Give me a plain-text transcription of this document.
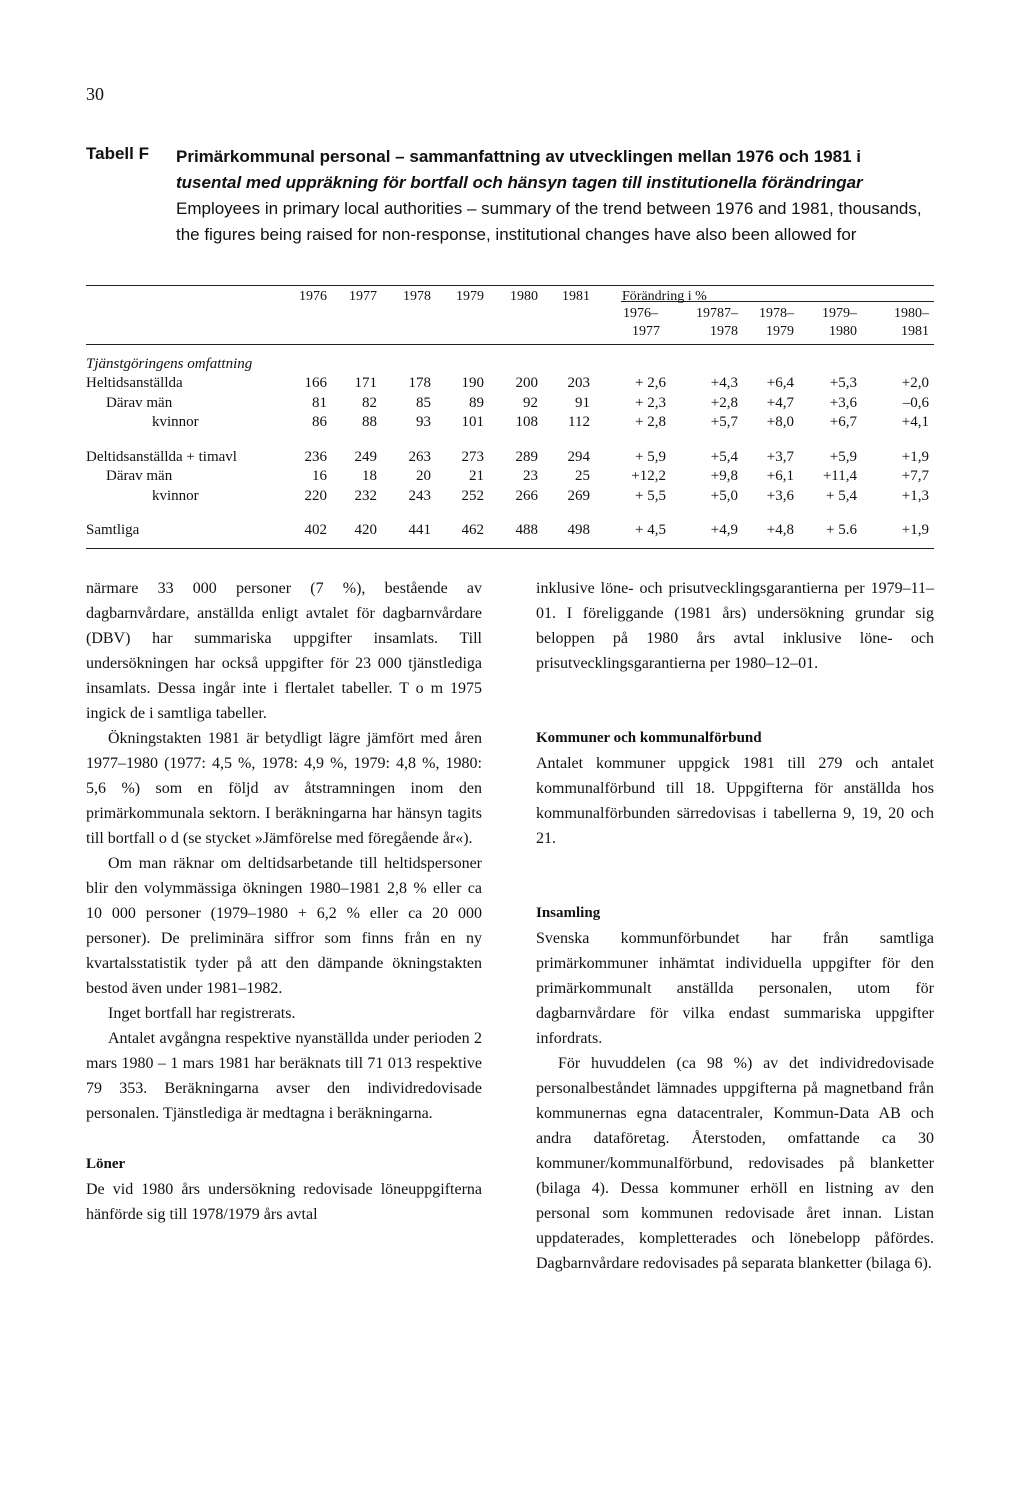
30
Tabell F Primärkommunal personal – sammanfattning av utvecklingen mellan 1976 och 1981 i
tusental med uppräkning för bortfall och hänsyn tagen till institutionella förändringar
Employees in primary local authorities – summary of the trend between 1976 and 1981, thousands, the figures being raised for non-response, institutional changes have also been allowed for
1976	1977	1978	1979	1980	1981 Förändring i %
1976–	19787–	1978–	1979–	1980–
1977	1978	1979	1980	1981
Tjänstgöringens omfattning
Heltidsanställda	166	171	178	190	200	203	+ 2,6	+4,3	+6,4	+5,3	+2,0
Därav män	81	82	85	89	92	91	+ 2,3	+2,8	+4,7	+3,6	–0,6
kvinnor	86	88	93	101	108	112	+ 2,8	+5,7	+8,0	+6,7	+4,1
Deltidsanställda + timavl	236	249	263	273	289	294	+ 5,9	+5,4	+3,7	+5,9	+1,9
Därav män	16	18	20	21	23	25	+12,2	+9,8	+6,1	+11,4	+7,7
kvinnor	220	232	243	252	266	269	+ 5,5	+5,0	+3,6	+ 5,4	+1,3
Samtliga	402	420	441	462	488	498	+ 4,5	+4,9	+4,8	+ 5.6	+1,9

närmare 33 000 personer (7 %), bestående av dagbarnvårdare, anställda enligt avtalet för dagbarnvårdare (DBV) har summariska uppgifter insamlats. Till undersökningen har också uppgifter för 23 000 tjänstlediga insamlats. Dessa ingår inte i flertalet tabeller. T o m 1975 ingick de i samtliga tabeller.

Ökningstakten 1981 är betydligt lägre jämfört med åren 1977–1980 (1977: 4,5 %, 1978: 4,9 %, 1979: 4,8 %, 1980: 5,6 %) som en följd av åtstramningen inom den primärkommunala sektorn. I beräkningarna har hänsyn tagits till bortfall o d (se stycket »Jämförelse med föregående år«).

Om man räknar om deltidsarbetande till heltidspersoner blir den volymmässiga ökningen 1980–1981 2,8 % eller ca 10 000 personer (1979–1980 + 6,2 % eller ca 20 000 personer). De preliminära siffror som finns från en ny kvartalsstatistik tyder på att den dämpande ökningstakten bestod även under 1981–1982.

Inget bortfall har registrerats.

Antalet avgångna respektive nyanställda under perioden 2 mars 1980 – 1 mars 1981 har beräknats till 71 013 respektive 79 353. Beräkningarna avser den individredovisade personalen. Tjänstlediga är medtagna i beräkningarna.

Löner

De vid 1980 års undersökning redovisade löneuppgifterna hänförde sig till 1978/1979 års avtal

inklusive löne- och prisutvecklingsgarantierna per 1979–11–01. I föreliggande (1981 års) undersökning grundar sig beloppen på 1980 års avtal inklusive löne- och prisutvecklingsgarantierna per 1980–12–01.

Kommuner och kommunalförbund

Antalet kommuner uppgick 1981 till 279 och antalet kommunalförbund till 18. Uppgifterna för anställda hos kommunalförbunden särredovisas i tabellerna 9, 19, 20 och 21.

Insamling

Svenska kommunförbundet har från samtliga primärkommuner inhämtat individuella uppgifter för den primärkommunalt anställda personalen, utom för dagbarnvårdare för vilka endast summariska uppgifter infordrats.

För huvuddelen (ca 98 %) av det individredovisade personalbeståndet lämnades uppgifterna på magnetband från kommunernas egna datacentraler, Kommun-Data AB och andra dataföretag. Återstoden, omfattande ca 30 kommuner/kommunalförbund, redovisades på blanketter (bilaga 4). Dessa kommuner erhöll en listning av den personal som kommunen redovisade året innan. Listan uppdaterades, kompletterades och lönebelopp påfördes. Dagbarnvårdare redovisades på separata blanketter (bilaga 6).
